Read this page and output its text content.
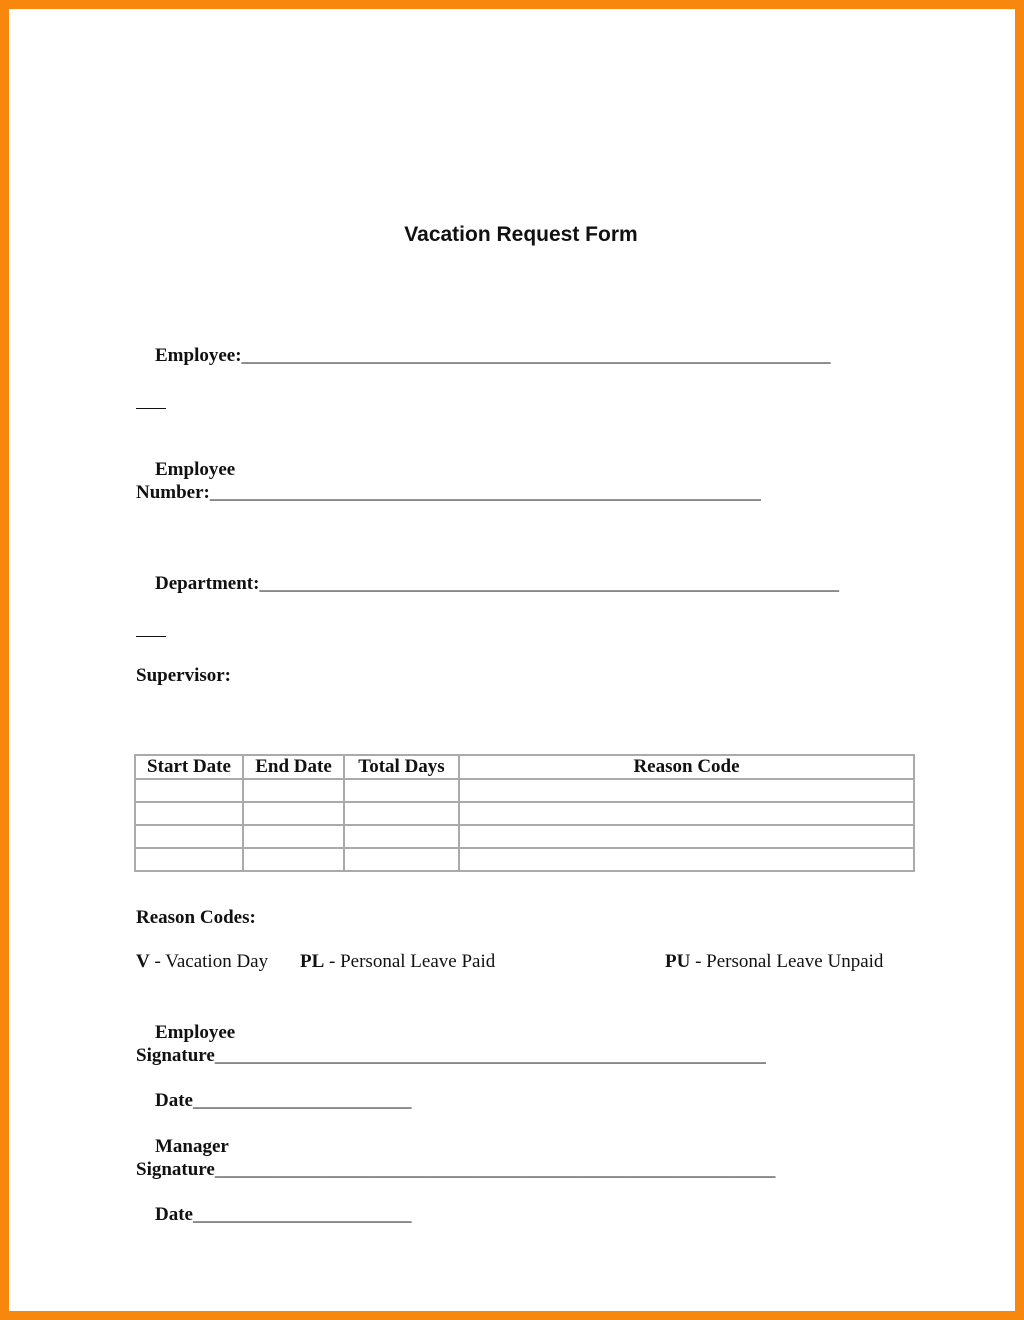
Vacation Request Form

Employee:______________________________________________________________

Employee
Number:__________________________________________________________

Department:_____________________________________________________________

Supervisor:
Start Date	End Date	Total Days	Reason Code

Reason Codes:
V - Vacation Day PL - Personal Leave Paid	PU - Personal Leave Unpaid

Employee
Signature__________________________________________________________

Date_______________________

Manager
Signature___________________________________________________________

Date_______________________
